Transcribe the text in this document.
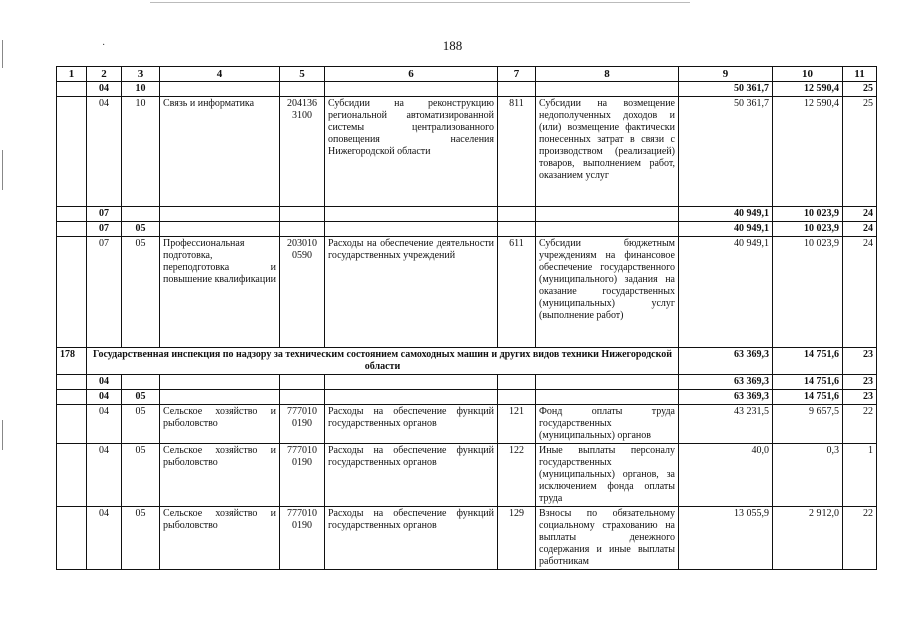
·	188
1	2	3	4	5	6	7	8	9	10	11
	04	10						50 361,7	12 590,4	25
	04	10	Связь и информатика	204136 3100	Субсидии на реконструкцию региональной автоматизированной системы централизованного оповещения населения Нижегородской области	811	Субсидии на возмещение недополученных доходов и (или) возмещение фактически понесенных затрат в связи с производством (реализацией) товаров, выполнением работ, оказанием услуг	50 361,7	12 590,4	25
	07							40 949,1	10 023,9	24
	07	05						40 949,1	10 023,9	24
	07	05	Профессиональная подготовка, переподготовка и повышение квалификации	203010 0590	Расходы на обеспечение деятельности государственных учреждений	611	Субсидии бюджетным учреждениям на финансовое обеспечение государственного (муниципального) задания на оказание государственных (муниципальных) услуг (выполнение работ)	40 949,1	10 023,9	24
178	Государственная инспекция по надзору за техническим состоянием самоходных машин и других видов техники Нижегородской области							63 369,3	14 751,6	23
	04							63 369,3	14 751,6	23
	04	05						63 369,3	14 751,6	23
	04	05	Сельское хозяйство и рыболовство	777010 0190	Расходы на обеспечение функций государственных органов	121	Фонд оплаты труда государственных (муниципальных) органов	43 231,5	9 657,5	22
	04	05	Сельское хозяйство и рыболовство	777010 0190	Расходы на обеспечение функций государственных органов	122	Иные выплаты персоналу государственных (муниципальных) органов, за исключением фонда оплаты труда	40,0	0,3	1
	04	05	Сельское хозяйство и рыболовство	777010 0190	Расходы на обеспечение функций государственных органов	129	Взносы по обязательному социальному страхованию на выплаты денежного содержания и иные выплаты работникам	13 055,9	2 912,0	22
